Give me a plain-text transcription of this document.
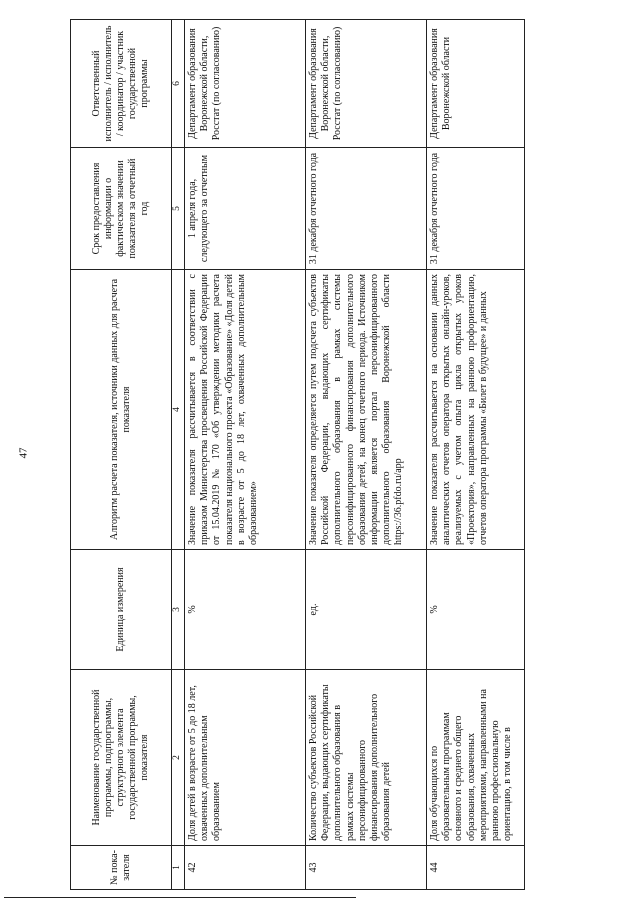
47
№ пока-зателя	Наименование государственной программы, подпрограммы, структурного элемента государственной программы, показателя	Единица измерения	Алгоритм расчета показателя, источники данных для расчета показателя	Срок предоставления информации о фактическом значении показателя за отчетный год	Ответственный исполнитель / исполнитель / координатор / участник государственной программы
1	2	3	4	5	6
42	Доля детей в возрасте от 5 до 18 лет, охваченных дополнительным образованием	%	Значение показателя рассчитывается в соответствии с приказом Министерства просвещения Российской Федерации от 15.04.2019 № 170 «Об утверждении методики расчета показателя национального проекта «Образование» «Доля детей в возрасте от 5 до 18 лет, охваченных дополнительным образованием»	1 апреля года, следующего за отчетным	Департамент образования Воронежской области, Росстат (по согласованию)
43	Количество субъектов Российской Федерации, выдающих сертификаты дополнительного образования в рамках системы персонифицированного финансирования дополнительного образования детей	ед.	Значение показателя определяется путем подсчета субъектов Российской Федерации, выдающих сертификаты дополнительного образования в рамках системы персонифицированного финансирования дополнительного образования детей, на конец отчетного периода. Источником информации является портал персонифицированного дополнительного образования Воронежской области https://36.pfdo.ru/app	31 декабря отчетного года	Департамент образования Воронежской области, Росстат (по согласованию)
44	Доля обучающихся по образовательным программам основного и среднего общего образования, охваченных мероприятиями, направленными на раннюю профессиональную ориентацию, в том числе в	%	Значение показателя рассчитывается на основании данных аналитических отчетов оператора открытых онлайн-уроков, реализуемых с учетом опыта цикла открытых уроков «Проектория», направленных на раннюю профориентацию, отчетов оператора программы «Билет в будущее» и данных	31 декабря отчетного года	Департамент образования Воронежской области
